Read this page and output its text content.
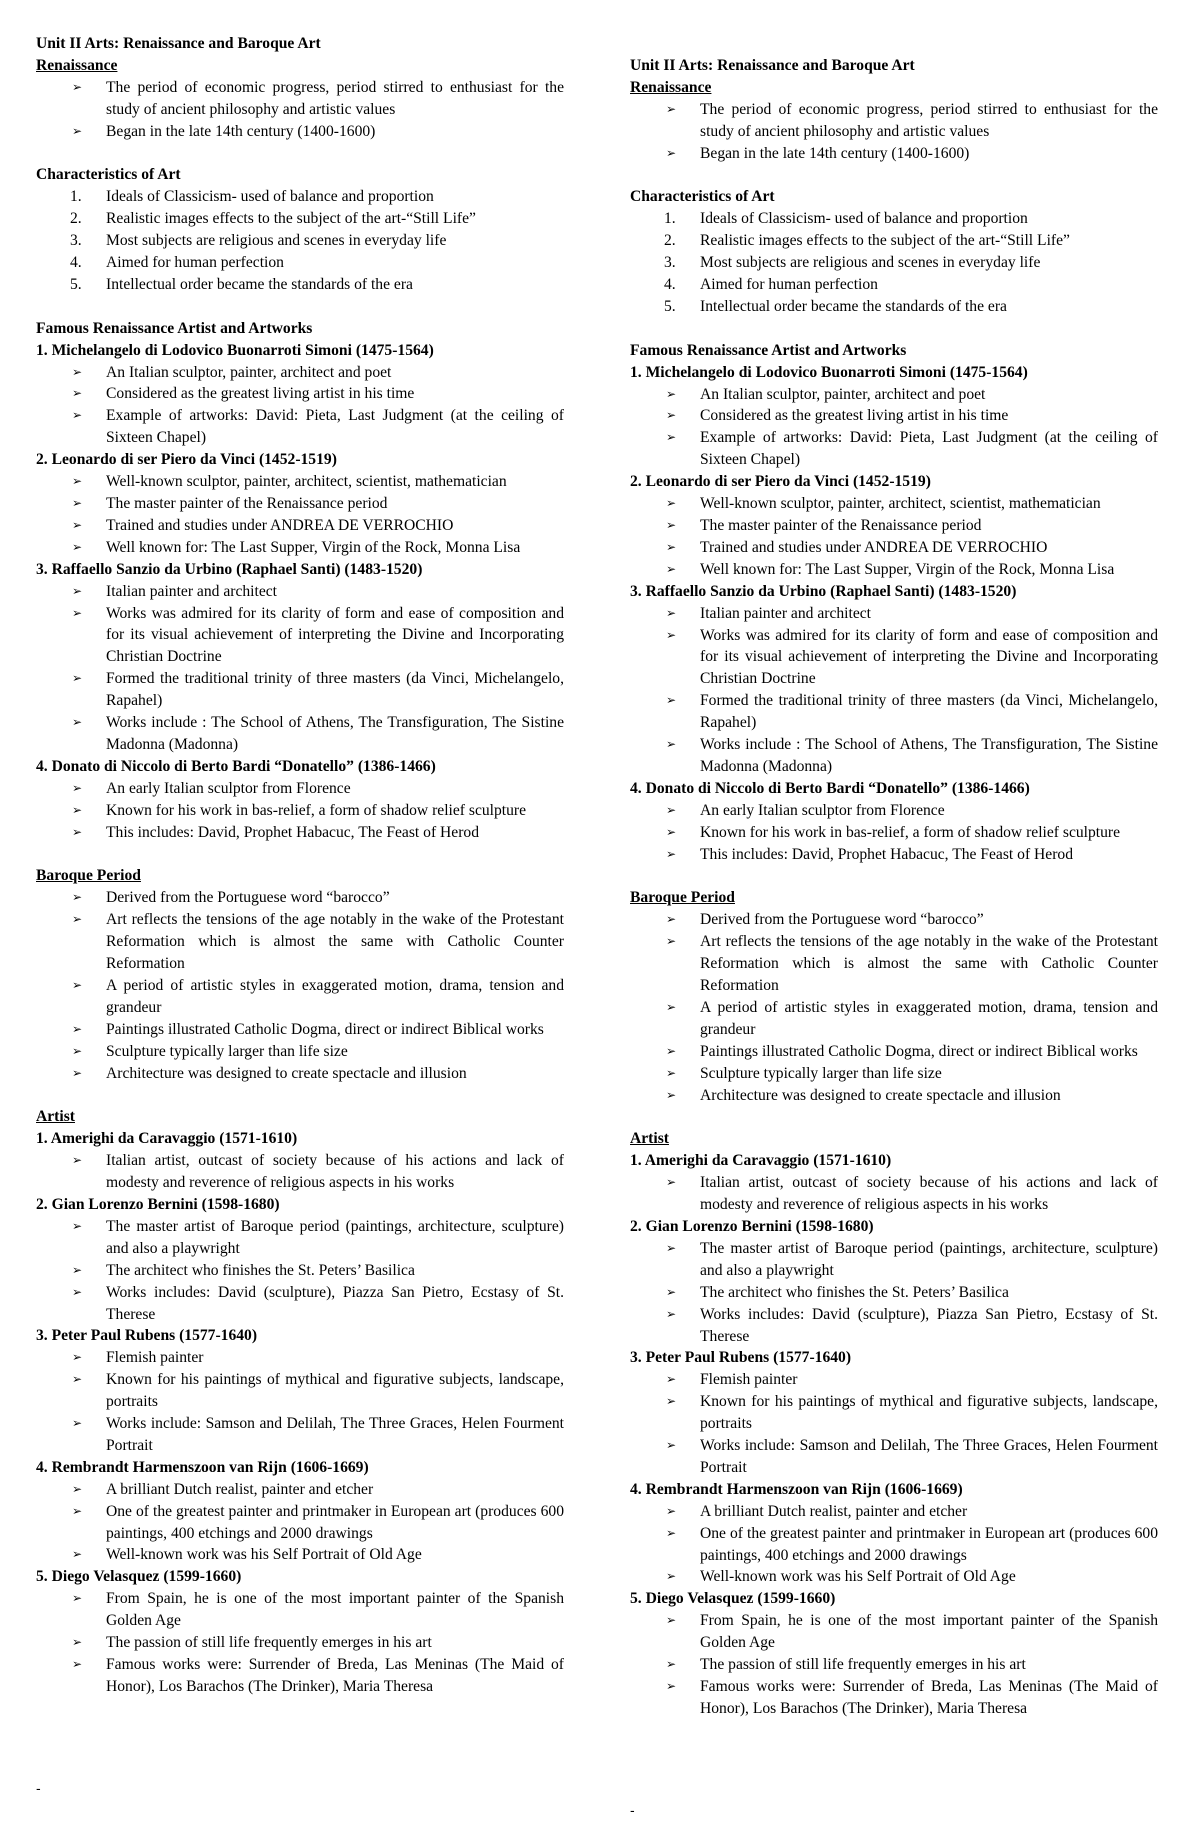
Unit II Arts: Renaissance and Baroque Art
Renaissance
➢ The period of economic progress, period stirred to enthusiast for the study of ancient philosophy and artistic values
➢ Began in the late 14th century (1400-1600)
Characteristics of Art
1.	Ideals of Classicism- used of balance and proportion
2.	Realistic images effects to the subject of the art-“Still Life”
3.	Most subjects are religious and scenes in everyday life
4.	Aimed for human perfection
5.	Intellectual order became the standards of the era
Famous Renaissance Artist and Artworks
1. Michelangelo di Lodovico Buonarroti Simoni (1475-1564)
➢ An Italian sculptor, painter, architect and poet
➢ Considered as the greatest living artist in his time
➢ Example of artworks: David: Pieta, Last Judgment (at the ceiling of Sixteen Chapel)
2. Leonardo di ser Piero da Vinci (1452-1519)
➢ Well-known sculptor, painter, architect, scientist, mathematician
➢ The master painter of the Renaissance period
➢ Trained and studies under ANDREA DE VERROCHIO
➢ Well known for: The Last Supper, Virgin of the Rock, Monna Lisa
3. Raffaello Sanzio da Urbino (Raphael Santi) (1483-1520)
➢ Italian painter and architect
➢ Works was admired for its clarity of form and ease of composition and for its visual achievement of interpreting the Divine and Incorporating Christian Doctrine
➢ Formed the traditional trinity of three masters (da Vinci, Michelangelo, Rapahel)
➢ Works include : The School of Athens, The Transfiguration, The Sistine Madonna (Madonna)
4. Donato di Niccolo di Berto Bardi “Donatello” (1386-1466)
➢ An early Italian sculptor from Florence
➢ Known for his work in bas-relief, a form of shadow relief sculpture
➢ This includes: David, Prophet Habacuc, The Feast of Herod
Baroque Period
➢ Derived from the Portuguese word “barocco”
➢ Art reflects the tensions of the age notably in the wake of the Protestant Reformation which is almost the same with Catholic Counter Reformation
➢ A period of artistic styles in exaggerated motion, drama, tension and grandeur
➢ Paintings illustrated Catholic Dogma, direct or indirect Biblical works
➢ Sculpture typically larger than life size
➢ Architecture was designed to create spectacle and illusion
Artist
1. Amerighi da Caravaggio (1571-1610)
➢ Italian artist, outcast of society because of his actions and lack of modesty and reverence of religious aspects in his works
2. Gian Lorenzo Bernini (1598-1680)
➢ The master artist of Baroque period (paintings, architecture, sculpture) and also a playwright
➢ The architect who finishes the St. Peters’ Basilica
➢ Works includes: David (sculpture), Piazza San Pietro, Ecstasy of St. Therese
3. Peter Paul Rubens (1577-1640)
➢ Flemish painter
➢ Known for his paintings of mythical and figurative subjects, landscape, portraits
➢ Works include: Samson and Delilah, The Three Graces, Helen Fourment Portrait
4. Rembrandt Harmenszoon van Rijn (1606-1669)
➢ A brilliant Dutch realist, painter and etcher
➢ One of the greatest painter and printmaker in European art (produces 600 paintings, 400 etchings and 2000 drawings
➢ Well-known work was his Self Portrait of Old Age
5. Diego Velasquez (1599-1660)
➢ From Spain, he is one of the most important painter of the Spanish Golden Age
➢ The passion of still life frequently emerges in his art
➢ Famous works were: Surrender of Breda, Las Meninas (The Maid of Honor), Los Barachos (The Drinker), Maria Theresa
Unit II Arts: Renaissance and Baroque Art
Renaissance
➢ The period of economic progress, period stirred to enthusiast for the study of ancient philosophy and artistic values
➢ Began in the late 14th century (1400-1600)
Characteristics of Art
1.	Ideals of Classicism- used of balance and proportion
2.	Realistic images effects to the subject of the art-“Still Life”
3.	Most subjects are religious and scenes in everyday life
4.	Aimed for human perfection
5.	Intellectual order became the standards of the era
Famous Renaissance Artist and Artworks
1. Michelangelo di Lodovico Buonarroti Simoni (1475-1564)
➢ An Italian sculptor, painter, architect and poet
➢ Considered as the greatest living artist in his time
➢ Example of artworks: David: Pieta, Last Judgment (at the ceiling of Sixteen Chapel)
2. Leonardo di ser Piero da Vinci (1452-1519)
➢ Well-known sculptor, painter, architect, scientist, mathematician
➢ The master painter of the Renaissance period
➢ Trained and studies under ANDREA DE VERROCHIO
➢ Well known for: The Last Supper, Virgin of the Rock, Monna Lisa
3. Raffaello Sanzio da Urbino (Raphael Santi) (1483-1520)
➢ Italian painter and architect
➢ Works was admired for its clarity of form and ease of composition and for its visual achievement of interpreting the Divine and Incorporating Christian Doctrine
➢ Formed the traditional trinity of three masters (da Vinci, Michelangelo, Rapahel)
➢ Works include : The School of Athens, The Transfiguration, The Sistine Madonna (Madonna)
4. Donato di Niccolo di Berto Bardi “Donatello” (1386-1466)
➢ An early Italian sculptor from Florence
➢ Known for his work in bas-relief, a form of shadow relief sculpture
➢ This includes: David, Prophet Habacuc, The Feast of Herod
Baroque Period
➢ Derived from the Portuguese word “barocco”
➢ Art reflects the tensions of the age notably in the wake of the Protestant Reformation which is almost the same with Catholic Counter Reformation
➢ A period of artistic styles in exaggerated motion, drama, tension and grandeur
➢ Paintings illustrated Catholic Dogma, direct or indirect Biblical works
➢ Sculpture typically larger than life size
➢ Architecture was designed to create spectacle and illusion
Artist
1. Amerighi da Caravaggio (1571-1610)
➢ Italian artist, outcast of society because of his actions and lack of modesty and reverence of religious aspects in his works
2. Gian Lorenzo Bernini (1598-1680)
➢ The master artist of Baroque period (paintings, architecture, sculpture) and also a playwright
➢ The architect who finishes the St. Peters’ Basilica
➢ Works includes: David (sculpture), Piazza San Pietro, Ecstasy of St. Therese
3. Peter Paul Rubens (1577-1640)
➢ Flemish painter
➢ Known for his paintings of mythical and figurative subjects, landscape, portraits
➢ Works include: Samson and Delilah, The Three Graces, Helen Fourment Portrait
4. Rembrandt Harmenszoon van Rijn (1606-1669)
➢ A brilliant Dutch realist, painter and etcher
➢ One of the greatest painter and printmaker in European art (produces 600 paintings, 400 etchings and 2000 drawings
➢ Well-known work was his Self Portrait of Old Age
5. Diego Velasquez (1599-1660)
➢ From Spain, he is one of the most important painter of the Spanish Golden Age
➢ The passion of still life frequently emerges in his art
➢ Famous works were: Surrender of Breda, Las Meninas (The Maid of Honor), Los Barachos (The Drinker), Maria Theresa
-
-
